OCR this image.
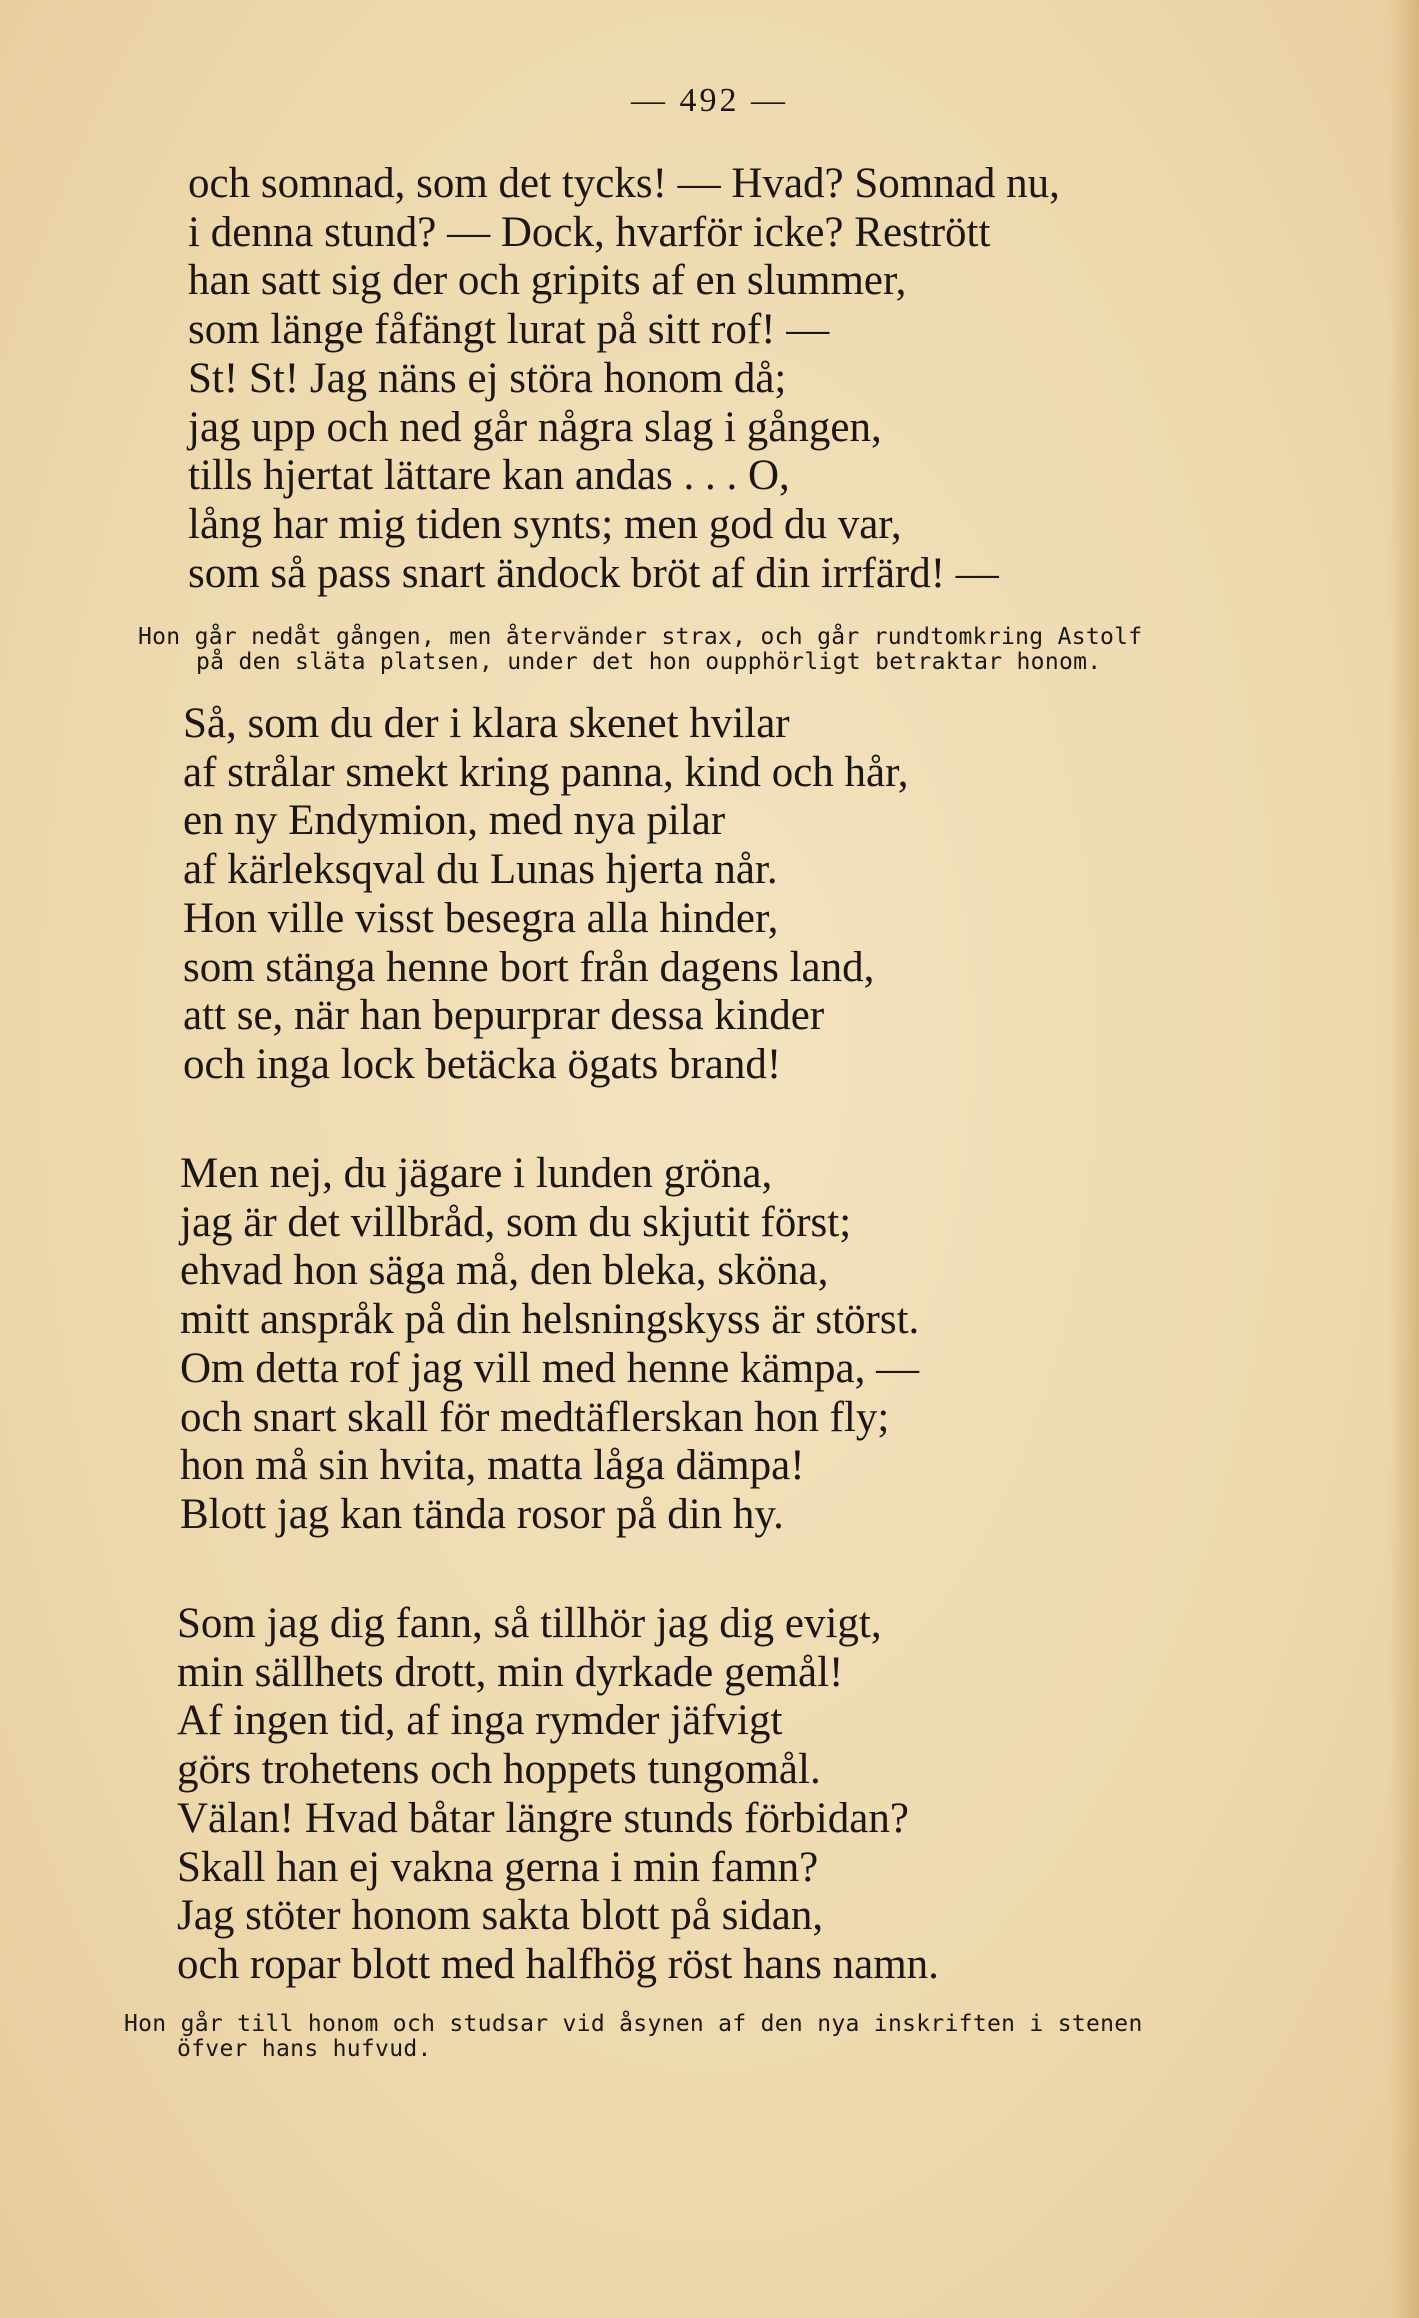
— 492 —
och somnad, som det tycks! — Hvad? Somnad nu,
i denna stund? — Dock, hvarför icke? Restrött
han satt sig der och gripits af en slummer,
som länge fåfängt lurat på sitt rof! —
St! St! Jag näns ej störa honom då;
jag upp och ned går några slag i gången,
tills hjertat lättare kan andas . . . O,
lång har mig tiden synts; men god du var,
som så pass snart ändock bröt af din irrfärd! —
Hon går nedåt gången, men återvänder strax, och går rundtomkring Astolf
på den släta platsen, under det hon oupphörligt betraktar honom.
Så, som du der i klara skenet hvilar
af strålar smekt kring panna, kind och hår,
en ny Endymion, med nya pilar
af kärleksqval du Lunas hjerta når.
Hon ville visst besegra alla hinder,
som stänga henne bort från dagens land,
att se, när han bepurprar dessa kinder
och inga lock betäcka ögats brand!
Men nej, du jägare i lunden gröna,
jag är det villbråd, som du skjutit först;
ehvad hon säga må, den bleka, sköna,
mitt anspråk på din helsningskyss är störst.
Om detta rof jag vill med henne kämpa, —
och snart skall för medtäflerskan hon fly;
hon må sin hvita, matta låga dämpa!
Blott jag kan tända rosor på din hy.
Som jag dig fann, så tillhör jag dig evigt,
min sällhets drott, min dyrkade gemål!
Af ingen tid, af inga rymder jäfvigt
görs trohetens och hoppets tungomål.
Välan! Hvad båtar längre stunds förbidan?
Skall han ej vakna gerna i min famn?
Jag stöter honom sakta blott på sidan,
och ropar blott med halfhög röst hans namn.
Hon går till honom och studsar vid åsynen af den nya inskriften i stenen
öfver hans hufvud.
